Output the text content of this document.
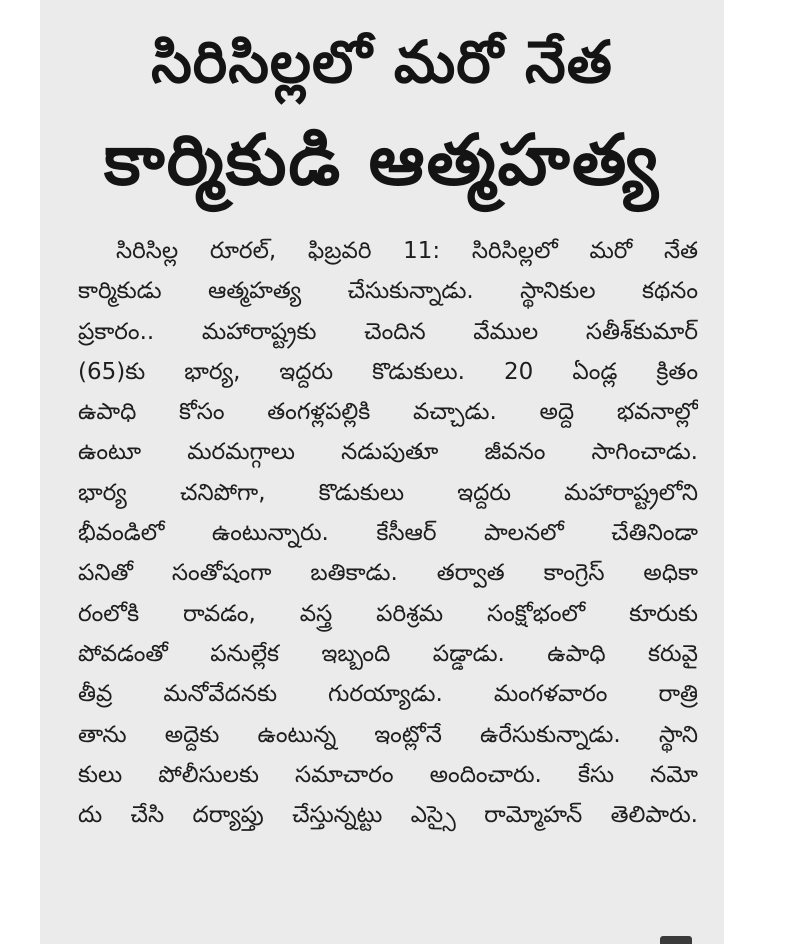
సిరిసిల్లలో మరో నేత
కార్మికుడి ఆత్మహత్య
సిరిసిల్ల రూరల్, ఫిబ్రవరి 11: సిరిసిల్లలో మరో నేత
కార్మికుడు ఆత్మహత్య చేసుకున్నాడు. స్థానికుల కథనం
ప్రకారం.. మహారాష్ట్రకు చెందిన వేముల సతీశ్‌కుమార్
(65)కు భార్య, ఇద్దరు కొడుకులు. 20 ఏండ్ల క్రితం
ఉపాధి కోసం తంగళ్లపల్లికి వచ్చాడు. అద్దె భవనాల్లో
ఉంటూ మరమగ్గాలు నడుపుతూ జీవనం సాగించాడు.
భార్య చనిపోగా, కొడుకులు ఇద్దరు మహారాష్ట్రలోని
భీవండిలో ఉంటున్నారు. కేసీఆర్ పాలనలో చేతినిండా
పనితో సంతోషంగా బతికాడు. తర్వాత కాంగ్రెస్ అధికా
రంలోకి రావడం, వస్త్ర పరిశ్రమ సంక్షోభంలో కూరుకు
పోవడంతో పనుల్లేక ఇబ్బంది పడ్డాడు. ఉపాధి కరువై
తీవ్ర మనోవేదనకు గురయ్యాడు. మంగళవారం రాత్రి
తాను అద్దెకు ఉంటున్న ఇంట్లోనే ఉరేసుకున్నాడు. స్థాని
కులు పోలీసులకు సమాచారం అందించారు. కేసు నమో
దు చేసి దర్యాప్తు చేస్తున్నట్టు ఎస్సై రామ్మోహన్ తెలిపారు.
